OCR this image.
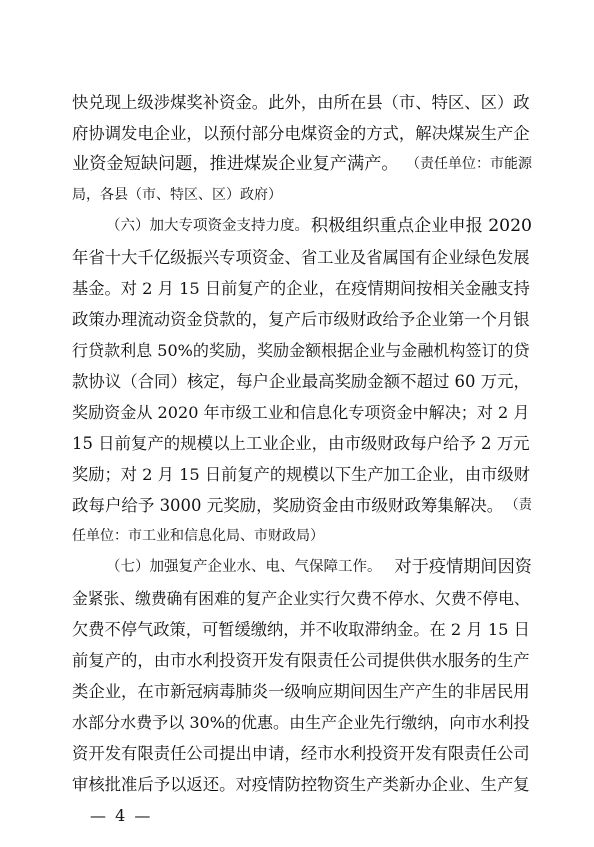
快兑现上级涉煤奖补资金。此外，由所在县（市、特区、区）政
府协调发电企业，以预付部分电煤资金的方式，解决煤炭生产企
业资金短缺问题，推进煤炭企业复产满产。 （责任单位：市能源
局，各县（市、特区、区）政府）
（六）加大专项资金支持力度。 积极组织重点企业申报 2020
年省十大千亿级振兴专项资金、省工业及省属国有企业绿色发展
基金。对 2 月 15 日前复产的企业，在疫情期间按相关金融支持
政策办理流动资金贷款的，复产后市级财政给予企业第一个月银
行贷款利息 50%的奖励，奖励金额根据企业与金融机构签订的贷
款协议（合同）核定，每户企业最高奖励金额不超过 60 万元，
奖励资金从 2020 年市级工业和信息化专项资金中解决；对 2 月
15 日前复产的规模以上工业企业，由市级财政每户给予 2 万元
奖励；对 2 月 15 日前复产的规模以下生产加工企业，由市级财
政每户给予 3000 元奖励，奖励资金由市级财政筹集解决。 （责
任单位：市工业和信息化局、市财政局）
（七）加强复产企业水、电、气保障工作。 对于疫情期间因资
金紧张、缴费确有困难的复产企业实行欠费不停水、欠费不停电、
欠费不停气政策，可暂缓缴纳，并不收取滞纳金。在 2 月 15 日
前复产的，由市水利投资开发有限责任公司提供供水服务的生产
类企业，在市新冠病毒肺炎一级响应期间因生产产生的非居民用
水部分水费予以 30%的优惠。由生产企业先行缴纳，向市水利投
资开发有限责任公司提出申请，经市水利投资开发有限责任公司
审核批准后予以返还。对疫情防控物资生产类新办企业、生产复
— 4 —
